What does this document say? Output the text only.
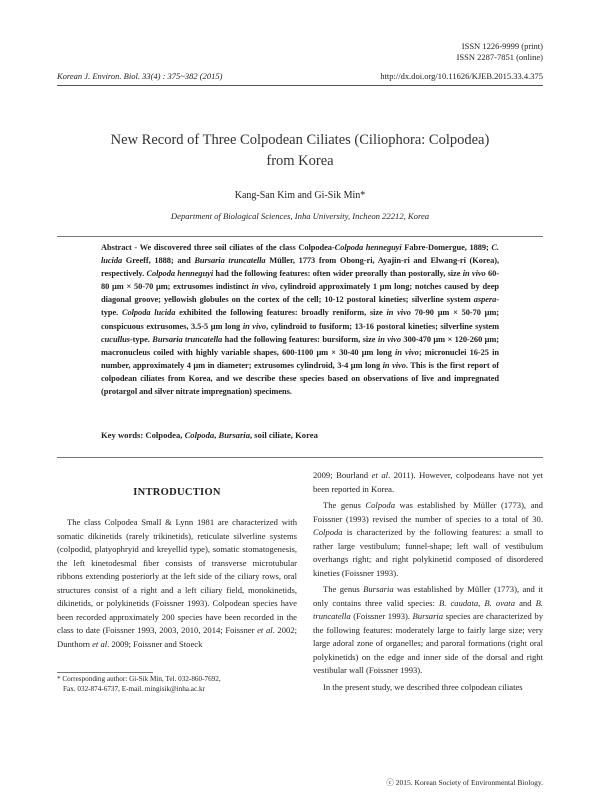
ISSN 1226-9999 (print)
ISSN 2287-7851 (online)
Korean J. Environ. Biol. 33(4) : 375~382 (2015)	http://dx.doi.org/10.11626/KJEB.2015.33.4.375
New Record of Three Colpodean Ciliates (Ciliophora: Colpodea)
from Korea
Kang-San Kim and Gi-Sik Min*
Department of Biological Sciences, Inha University, Incheon 22212, Korea
Abstract - We discovered three soil ciliates of the class Colpodea-Colpoda henneguyi Fabre-Domergue, 1889; C. lucida Greeff, 1888; and Bursaria truncatella Müller, 1773 from Obong-ri, Ayajin-ri and Elwang-ri (Korea), respectively. Colpoda henneguyi had the following features: often wider preorally than postorally, size in vivo 60-80 μm × 50-70 μm; extrusomes indistinct in vivo, cylindroid approximately 1 μm long; notches caused by deep diagonal groove; yellowish globules on the cortex of the cell; 10-12 postoral kineties; silverline system aspera-type. Colpoda lucida exhibited the following features: broadly reniform, size in vivo 70-90 μm × 50-70 μm; conspicuous extrusomes, 3.5-5 μm long in vivo, cylindroid to fusiform; 13-16 postoral kineties; silverline system cucullus-type. Bursaria truncatella had the following features: bursiform, size in vivo 300-470 μm × 120-260 μm; macronucleus coiled with highly variable shapes, 600-1100 μm × 30-40 μm long in vivo; micronuclei 16-25 in number, approximately 4 μm in diameter; extrusomes cylindroid, 3-4 μm long in vivo. This is the first report of colpodean ciliates from Korea, and we describe these species based on observations of live and impregnated (protargol and silver nitrate impregnation) specimens.
Key words: Colpodea, Colpoda, Bursaria, soil ciliate, Korea
INTRODUCTION

The class Colpodea Small & Lynn 1981 are characterized with somatic dikinetids (rarely trikinetids), reticulate silverline systems (colpodid, platyophryid and kreyellid type), somatic stomatogenesis, the left kinetodesmal fiber consists of transverse microtubular ribbons extending posteriorly at the left side of the ciliary rows, oral structures consist of a right and a left ciliary field, monokinetids, dikinetids, or polykinetids (Foissner 1993). Colpodean species have been recorded approximately 200 species have been recorded in the class to date (Foissner 1993, 2003, 2010, 2014; Foissner et al. 2002; Dunthorn et al. 2009; Foissner and Stoeck

* Corresponding author: Gi-Sik Min, Tel. 032-860-7692,
Fax. 032-874-6737, E-mail. mingisik@inha.ac.kr

2009; Bourland et al. 2011). However, colpodeans have not yet been reported in Korea.

The genus Colpoda was established by Müller (1773), and Foissner (1993) revised the number of species to a total of 30. Colpoda is characterized by the following features: a small to rather large vestibulum; funnel-shape; left wall of vestibulum overhangs right; and right polykinetid composed of disordered kineties (Foissner 1993).

The genus Bursaria was established by Müller (1773), and it only contains three valid species: B. caudata, B. ovata and B. truncatella (Foissner 1993). Bursaria species are characterized by the following features: moderately large to fairly large size; very large adoral zone of organelles; and paroral formations (right oral polykinetids) on the edge and inner side of the dorsal and right vestibular wall (Foissner 1993).

In the present study, we described three colpodean ciliates

ⓒ 2015. Korean Society of Environmental Biology.
